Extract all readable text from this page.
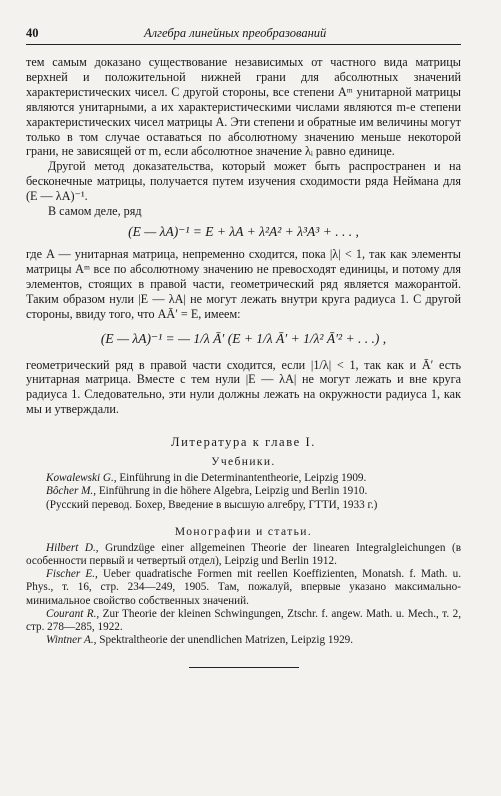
40	Алгебра линейных преобразований

тем самым доказано существование независимых от частного вида матрицы верхней и положительной нижней грани для абсолютных значений характеристических чисел. С другой стороны, все степени Aᵐ унитарной матрицы являются унитарными, а их характеристическими числами являются m-е степени характеристических чисел матрицы A. Эти степени и обратные им величины могут только в том случае оставаться по абсолютному значению меньше некоторой грани, не зависящей от m, если абсолютное значение λᵢ равно единице.

Другой метод доказательства, который может быть распространен и на бесконечные матрицы, получается путем изучения сходимости ряда Неймана для (E — λA)⁻¹.

В самом деле, ряд

(E — λA)⁻¹ = E + λA + λ²A² + λ³A³ + . . . ,

где A — унитарная матрица, непременно сходится, пока |λ| < 1, так как элементы матрицы Aᵐ все по абсолютному значению не превосходят единицы, и потому для элементов, стоящих в правой части, геометрический ряд является мажорантой. Таким образом нули |E — λA| не могут лежать внутри круга радиуса 1. С другой стороны, ввиду того, что AĀ′ = E, имеем:

(E — λA)⁻¹ = — 1/λ Ā′ (E + 1/λ Ā′ + 1/λ² Ā′² + . . .) ,

геометрический ряд в правой части сходится, если |1/λ| < 1, так как и Ā′ есть унитарная матрица. Вместе с тем нули |E — λA| не могут лежать и вне круга радиуса 1. Следовательно, эти нули должны лежать на окружности радиуса 1, как мы и утверждали.

Литература к главе I.
Учебники.

Kowalewski G., Einführung in die Determinantentheorie, Leipzig 1909.

Bôcher M., Einführung in die höhere Algebra, Leipzig und Berlin 1910.

(Русский перевод. Бохер, Введение в высшую алгебру, ГТТИ, 1933 г.)

Монографии и статьи.

Hilbert D., Grundzüge einer allgemeinen Theorie der linearen Integralgleichungen (в особенности первый и четвертый отдел), Leipzig und Berlin 1912.

Fischer E., Ueber quadratische Formen mit reellen Koeffizienten, Monatsh. f. Math. u. Phys., т. 16, стр. 234—249, 1905. Там, пожалуй, впервые указано максимально-минимальное свойство собственных значений.

Courant R., Zur Theorie der kleinen Schwingungen, Ztschr. f. angew. Math. u. Mech., т. 2, стр. 278—285, 1922.

Wintner A., Spektraltheorie der unendlichen Matrizen, Leipzig 1929.
